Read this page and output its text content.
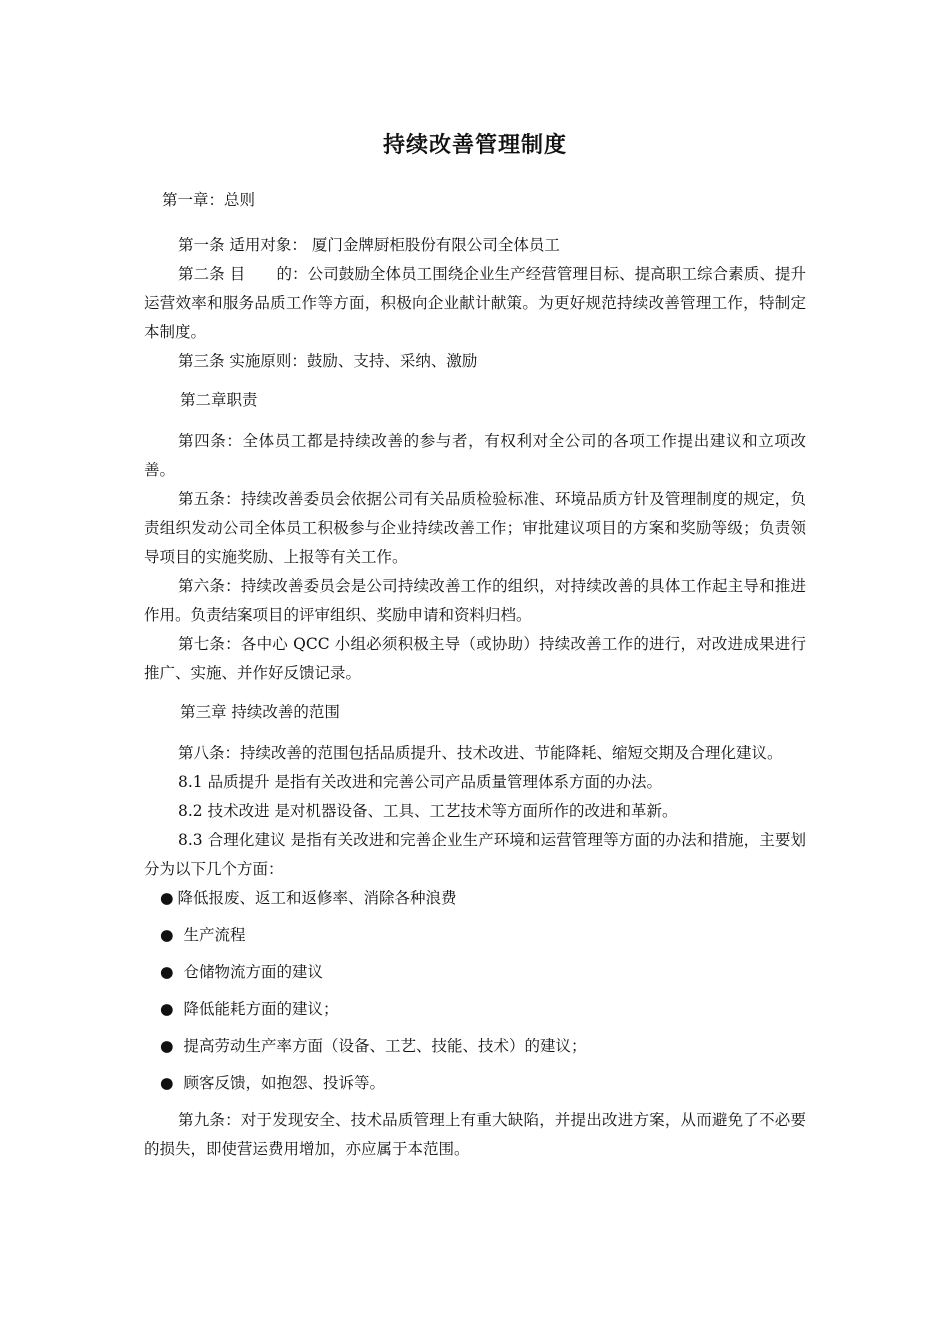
持续改善管理制度

第一章：总则

第一条 适用对象： 厦门金牌厨柜股份有限公司全体员工

第二条 目　　的：公司鼓励全体员工围绕企业生产经营管理目标、提高职工综合素质、提升运营效率和服务品质工作等方面，积极向企业献计献策。为更好规范持续改善管理工作，特制定本制度。

第三条 实施原则：鼓励、支持、采纳、激励

第二章职责

第四条：全体员工都是持续改善的参与者，有权利对全公司的各项工作提出建议和立项改善。

第五条：持续改善委员会依据公司有关品质检验标准、环境品质方针及管理制度的规定，负责组织发动公司全体员工积极参与企业持续改善工作；审批建议项目的方案和奖励等级；负责领导项目的实施奖励、上报等有关工作。

第六条：持续改善委员会是公司持续改善工作的组织，对持续改善的具体工作起主导和推进作用。负责结案项目的评审组织、奖励申请和资料归档。

第七条：各中心 QCC 小组必须积极主导（或协助）持续改善工作的进行，对改进成果进行推广、实施、并作好反馈记录。

第三章 持续改善的范围

第八条：持续改善的范围包括品质提升、技术改进、节能降耗、缩短交期及合理化建议。

8.1 品质提升 是指有关改进和完善公司产品质量管理体系方面的办法。

8.2 技术改进 是对机器设备、工具、工艺技术等方面所作的改进和革新。

8.3 合理化建议 是指有关改进和完善企业生产环境和运营管理等方面的办法和措施，主要划分为以下几个方面：

● 降低报废、返工和返修率、消除各种浪费

● 生产流程

● 仓储物流方面的建议

● 降低能耗方面的建议；

● 提高劳动生产率方面（设备、工艺、技能、技术）的建议；

● 顾客反馈，如抱怨、投诉等。

第九条：对于发现安全、技术品质管理上有重大缺陷，并提出改进方案，从而避免了不必要的损失，即使营运费用增加，亦应属于本范围。
